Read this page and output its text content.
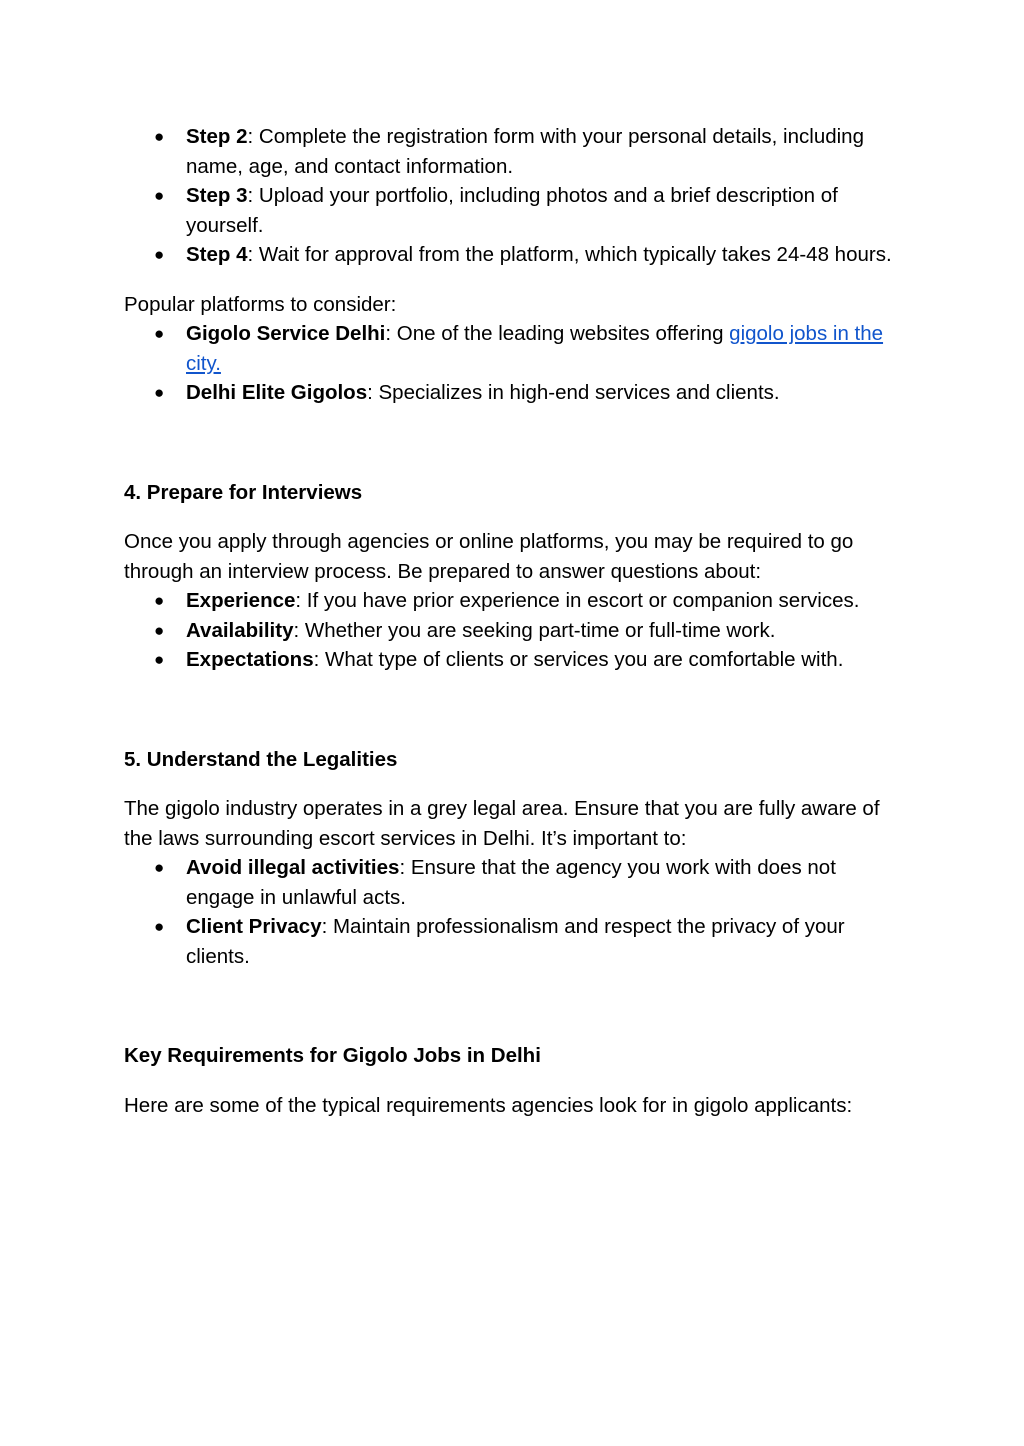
● Step 2: Complete the registration form with your personal details, including name, age, and contact information.
● Step 3: Upload your portfolio, including photos and a brief description of yourself.
● Step 4: Wait for approval from the platform, which typically takes 24-48 hours.

Popular platforms to consider:

● Gigolo Service Delhi: One of the leading websites offering gigolo jobs in the city.
● Delhi Elite Gigolos: Specializes in high-end services and clients.

4. Prepare for Interviews

Once you apply through agencies or online platforms, you may be required to go through an interview process. Be prepared to answer questions about:

● Experience: If you have prior experience in escort or companion services.
● Availability: Whether you are seeking part-time or full-time work.
● Expectations: What type of clients or services you are comfortable with.

5. Understand the Legalities

The gigolo industry operates in a grey legal area. Ensure that you are fully aware of the laws surrounding escort services in Delhi. It’s important to:

● Avoid illegal activities: Ensure that the agency you work with does not engage in unlawful acts.
● Client Privacy: Maintain professionalism and respect the privacy of your clients.

Key Requirements for Gigolo Jobs in Delhi

Here are some of the typical requirements agencies look for in gigolo applicants:
